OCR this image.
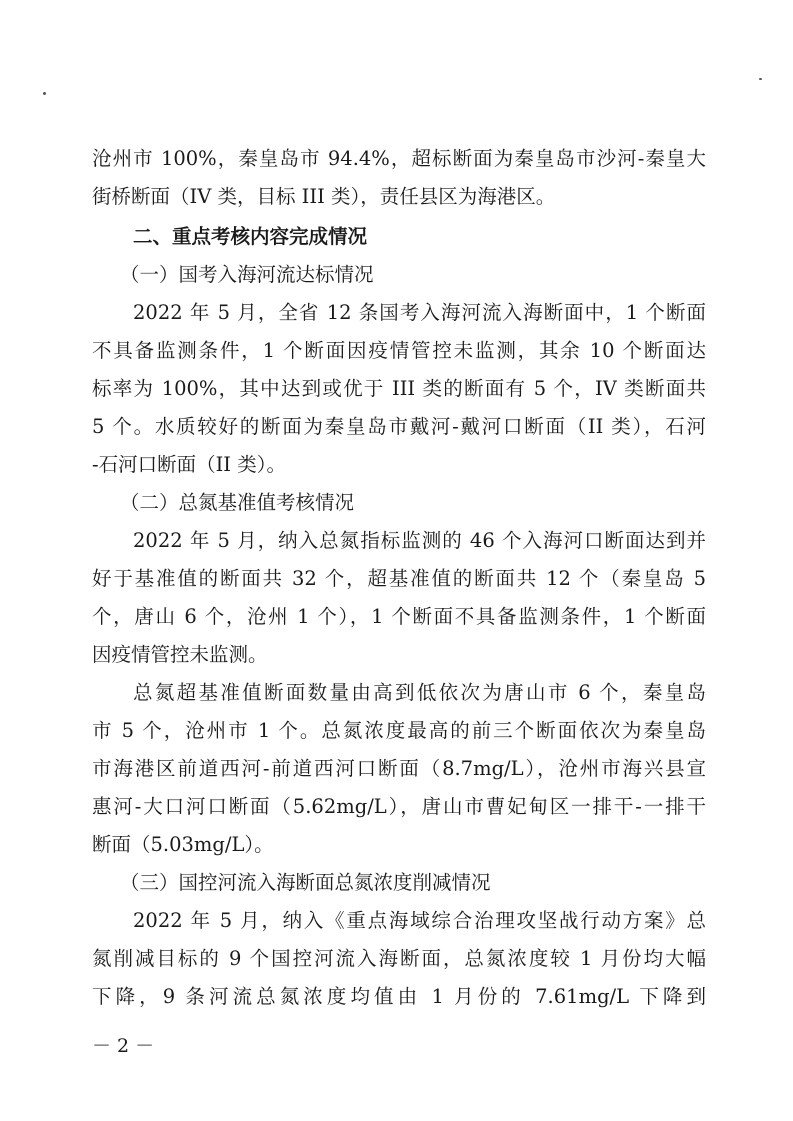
沧州市 100%，秦皇岛市 94.4%，超标断面为秦皇岛市沙河-秦皇大
街桥断面（IV 类，目标 III 类），责任县区为海港区。
二、重点考核内容完成情况
（一）国考入海河流达标情况
2022 年 5 月，全省 12 条国考入海河流入海断面中，1 个断面
不具备监测条件，1 个断面因疫情管控未监测，其余 10 个断面达
标率为 100%，其中达到或优于 III 类的断面有 5 个，IV 类断面共
5 个。水质较好的断面为秦皇岛市戴河-戴河口断面（II 类），石河
-石河口断面（II 类）。
（二）总氮基准值考核情况
2022 年 5 月，纳入总氮指标监测的 46 个入海河口断面达到并
好于基准值的断面共 32 个，超基准值的断面共 12 个（秦皇岛 5
个，唐山 6 个，沧州 1 个），1 个断面不具备监测条件，1 个断面
因疫情管控未监测。
总氮超基准值断面数量由高到低依次为唐山市 6 个，秦皇岛
市 5 个，沧州市 1 个。总氮浓度最高的前三个断面依次为秦皇岛
市海港区前道西河-前道西河口断面（8.7mg/L），沧州市海兴县宣
惠河-大口河口断面（5.62mg/L），唐山市曹妃甸区一排干-一排干
断面（5.03mg/L）。
（三）国控河流入海断面总氮浓度削减情况
2022 年 5 月，纳入《重点海域综合治理攻坚战行动方案》总
氮削减目标的 9 个国控河流入海断面，总氮浓度较 1 月份均大幅
下降，9 条河流总氮浓度均值由 1 月份的 7.61mg/L 下降到
－ 2 －
